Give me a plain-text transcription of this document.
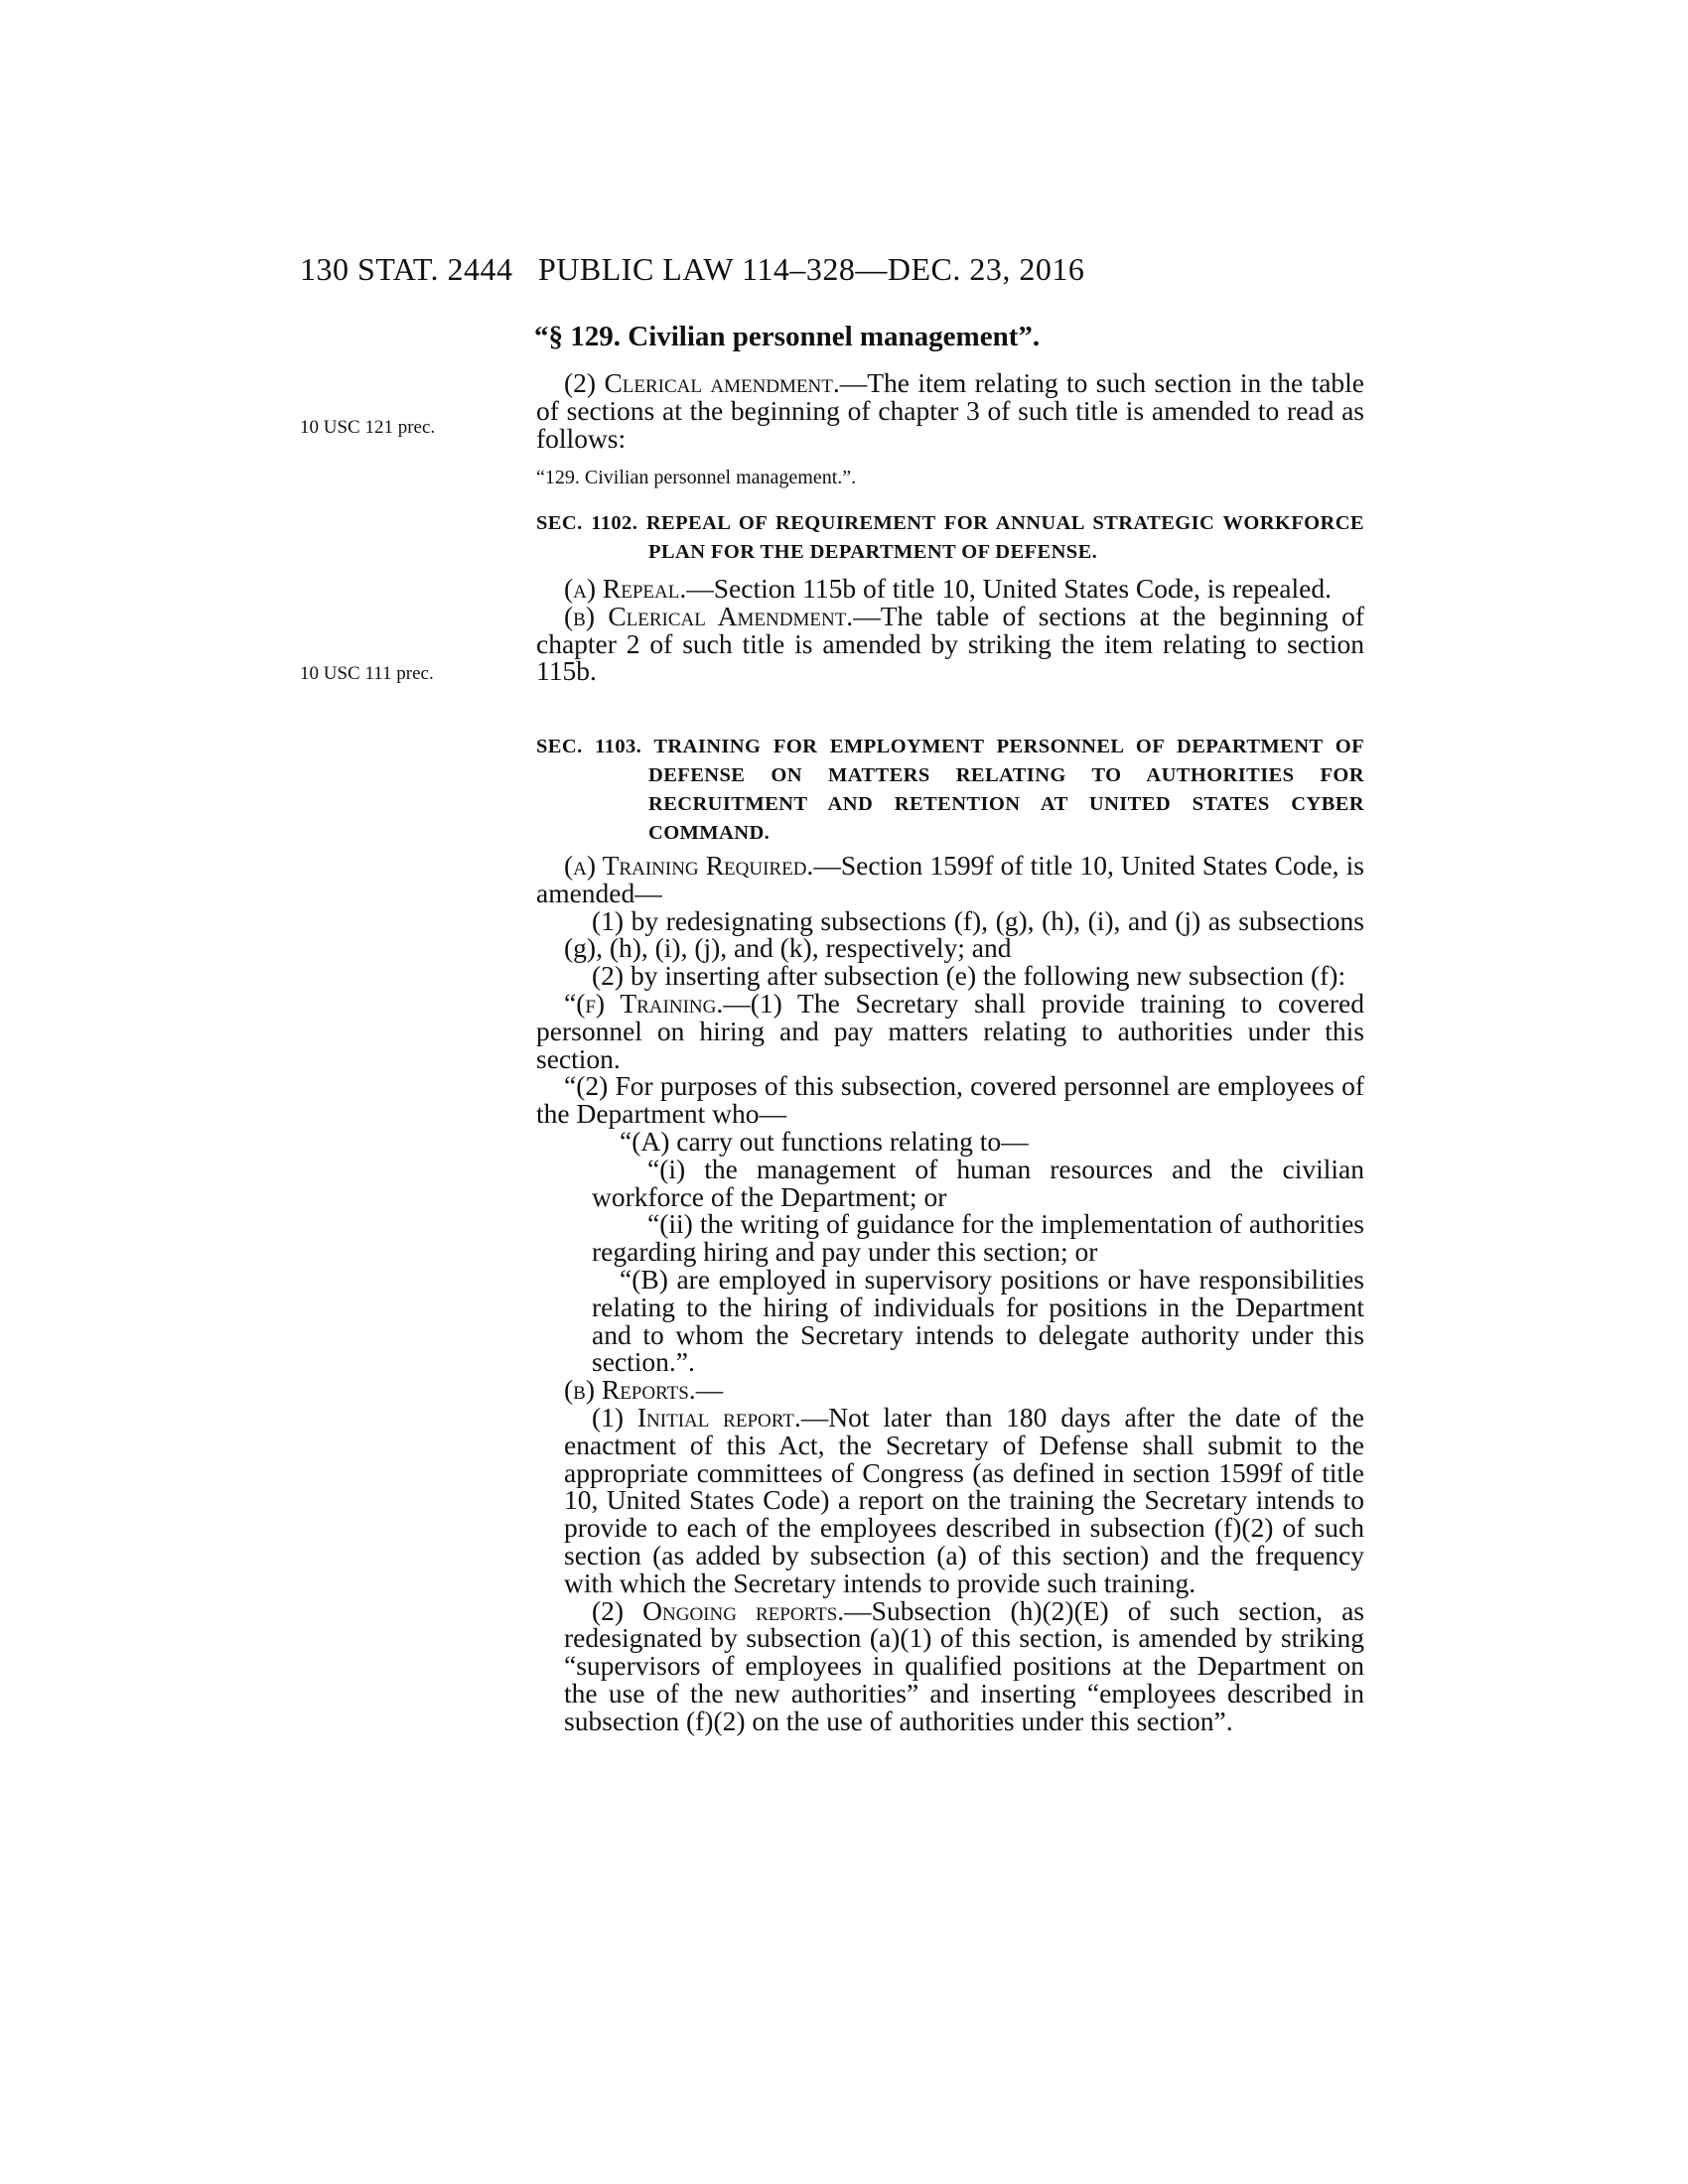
130 STAT. 2444 PUBLIC LAW 114–328—DEC. 23, 2016
“§ 129. Civilian personnel management”.

(2) Clerical amendment.—The item relating to such section in the table of sections at the beginning of chapter 3 of such title is amended to read as follows:

10 USC 121 prec.
“129. Civilian personnel management.”.
SEC. 1102. REPEAL OF REQUIREMENT FOR ANNUAL STRATEGIC WORKFORCE PLAN FOR THE DEPARTMENT OF DEFENSE.

(a) Repeal.—Section 115b of title 10, United States Code, is repealed.

(b) Clerical Amendment.—The table of sections at the beginning of chapter 2 of such title is amended by striking the item relating to section 115b.

10 USC 111 prec.
SEC. 1103. TRAINING FOR EMPLOYMENT PERSONNEL OF DEPARTMENT OF DEFENSE ON MATTERS RELATING TO AUTHORITIES FOR RECRUITMENT AND RETENTION AT UNITED STATES CYBER COMMAND.

(a) Training Required.—Section 1599f of title 10, United States Code, is amended—

(1) by redesignating subsections (f), (g), (h), (i), and (j) as subsections (g), (h), (i), (j), and (k), respectively; and

(2) by inserting after subsection (e) the following new subsection (f):

“(f) Training.—(1) The Secretary shall provide training to covered personnel on hiring and pay matters relating to authorities under this section.

“(2) For purposes of this subsection, covered personnel are employees of the Department who—

“(A) carry out functions relating to—

“(i) the management of human resources and the civilian workforce of the Department; or

“(ii) the writing of guidance for the implementation of authorities regarding hiring and pay under this section; or

“(B) are employed in supervisory positions or have responsibilities relating to the hiring of individuals for positions in the Department and to whom the Secretary intends to delegate authority under this section.”.

(b) Reports.—

(1) Initial report.—Not later than 180 days after the date of the enactment of this Act, the Secretary of Defense shall submit to the appropriate committees of Congress (as defined in section 1599f of title 10, United States Code) a report on the training the Secretary intends to provide to each of the employees described in subsection (f)(2) of such section (as added by subsection (a) of this section) and the frequency with which the Secretary intends to provide such training.

(2) Ongoing reports.—Subsection (h)(2)(E) of such section, as redesignated by subsection (a)(1) of this section, is amended by striking “supervisors of employees in qualified positions at the Department on the use of the new authorities” and inserting “employees described in subsection (f)(2) on the use of authorities under this section”.
